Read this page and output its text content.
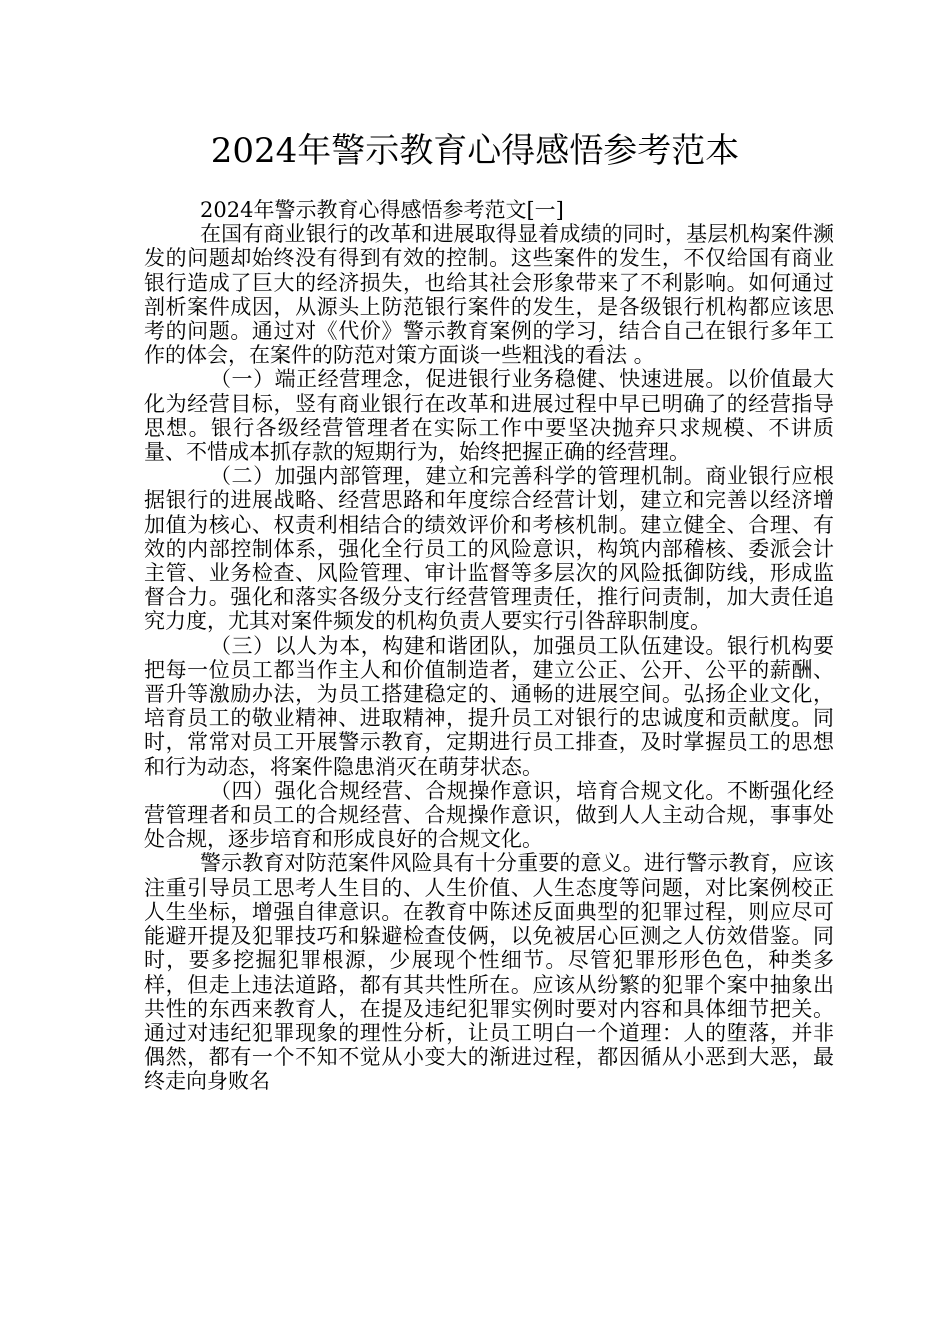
2024年警示教育心得感悟参考范本

2024年警示教育心得感悟参考范文[一]

在国有商业银行的改革和进展取得显着成绩的同时，基层机构案件濒发的问题却始终没有得到有效的控制。这些案件的发生，不仅给国有商业银行造成了巨大的经济损失，也给其社会形象带来了不利影响。如何通过剖析案件成因，从源头上防范银行案件的发生，是各级银行机构都应该思考的问题。通过对《代价》警示教育案例的学习，结合自己在银行多年工作的体会，在案件的防范对策方面谈一些粗浅的看法 。

（一）端正经营理念，促进银行业务稳健、快速进展。以价值最大化为经营目标，竖有商业银行在改革和进展过程中早已明确了的经营指导思想。银行各级经营管理者在实际工作中要坚决抛弃只求规模、不讲质量、不惜成本抓存款的短期行为，始终把握正确的经营理。

（二）加强内部管理，建立和完善科学的管理机制。商业银行应根据银行的进展战略、经营思路和年度综合经营计划，建立和完善以经济增加值为核心、权责利相结合的绩效评价和考核机制。建立健全、合理、有效的内部控制体系，强化全行员工的风险意识，构筑内部稽核、委派会计主管、业务检查、风险管理、审计监督等多层次的风险抵御防线，形成监督合力。强化和落实各级分支行经营管理责任，推行问责制，加大责任追究力度，尤其对案件频发的机构负责人要实行引咎辞职制度。

（三）以人为本，构建和谐团队，加强员工队伍建设。银行机构要把每一位员工都当作主人和价值制造者，建立公正、公开、公平的薪酬、晋升等激励办法，为员工搭建稳定的、通畅的进展空间。弘扬企业文化，培育员工的敬业精神、进取精神，提升员工对银行的忠诚度和贡献度。同时，常常对员工开展警示教育，定期进行员工排查，及时掌握员工的思想和行为动态，将案件隐患消灭在萌芽状态。

（四）强化合规经营、合规操作意识，培育合规文化。不断强化经营管理者和员工的合规经营、合规操作意识，做到人人主动合规，事事处处合规，逐步培育和形成良好的合规文化。

警示教育对防范案件风险具有十分重要的意义。进行警示教育，应该注重引导员工思考人生目的、人生价值、人生态度等问题，对比案例校正人生坐标，增强自律意识。在教育中陈述反面典型的犯罪过程，则应尽可能避开提及犯罪技巧和躲避检查伎俩，以免被居心叵测之人仿效借鉴。同时，要多挖掘犯罪根源，少展现个性细节。尽管犯罪形形色色，种类多样，但走上违法道路，都有其共性所在。应该从纷繁的犯罪个案中抽象出共性的东西来教育人，在提及违纪犯罪实例时要对内容和具体细节把关。通过对违纪犯罪现象的理性分析，让员工明白一个道理：人的堕落，并非偶然，都有一个不知不觉从小变大的渐进过程，都因循从小恶到大恶，最终走向身败名
